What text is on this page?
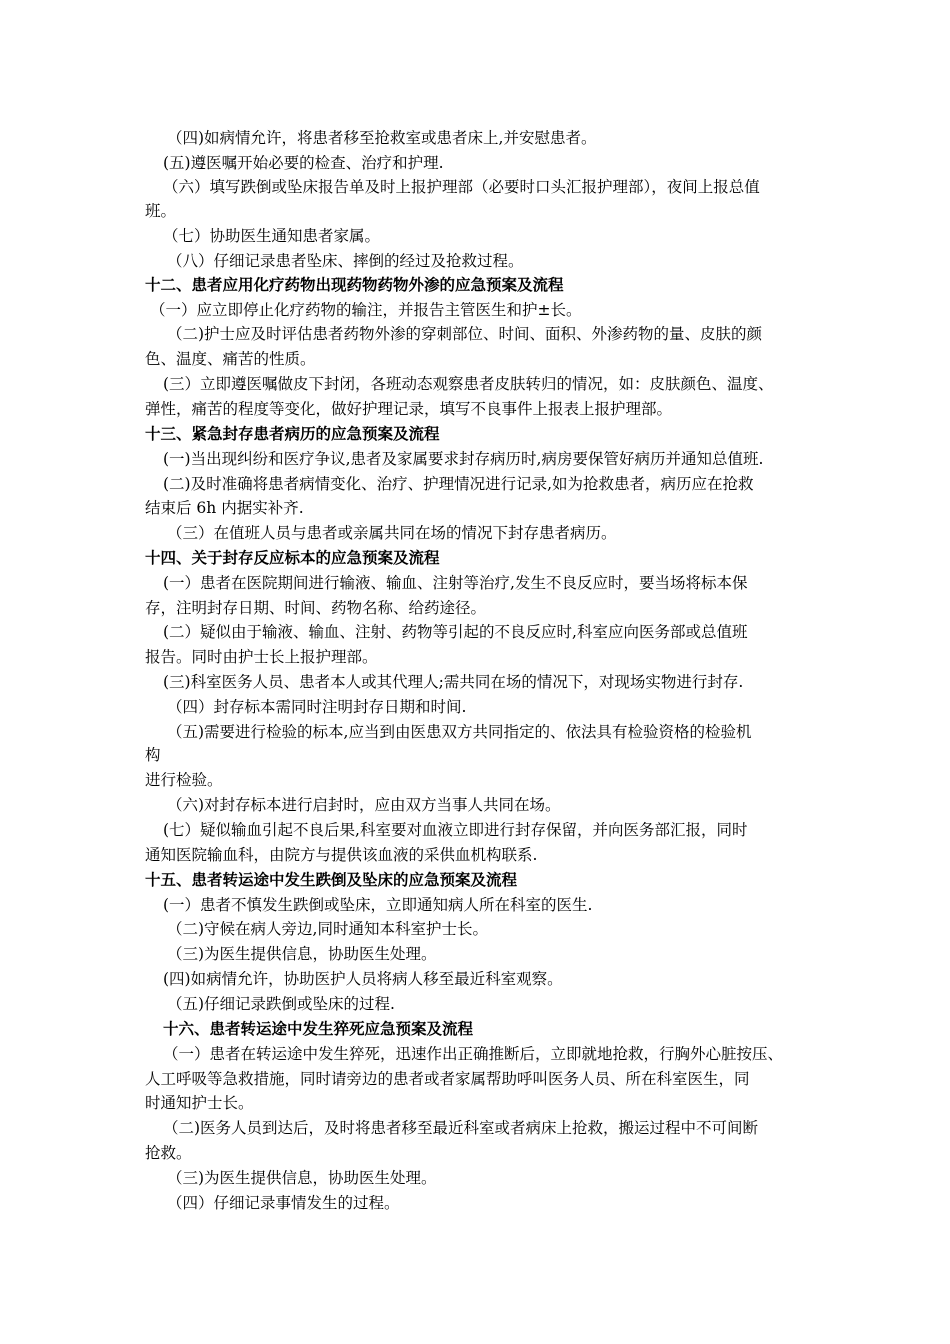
（四)如病情允许，将患者移至抢救室或患者床上,并安慰患者。
(五)遵医嘱开始必要的检查、治疗和护理.
（六）填写跌倒或坠床报告单及时上报护理部（必要时口头汇报护理部），夜间上报总值
班。
（七）协助医生通知患者家属。
（八）仔细记录患者坠床、摔倒的经过及抢救过程。
十二、患者应用化疗药物出现药物药物外渗的应急预案及流程
（一）应立即停止化疗药物的输注，并报告主管医生和护±长。
（二)护士应及时评估患者药物外渗的穿刺部位、时间、面积、外渗药物的量、皮肤的颜
色、温度、痛苦的性质。
(三）立即遵医嘱做皮下封闭，各班动态观察患者皮肤转归的情况，如：皮肤颜色、温度、
弹性，痛苦的程度等变化，做好护理记录，填写不良事件上报表上报护理部。
十三、紧急封存患者病历的应急预案及流程
(一)当出现纠纷和医疗争议,患者及家属要求封存病历时,病房要保管好病历并通知总值班.
(二)及时准确将患者病情变化、治疗、护理情况进行记录,如为抢救患者，病历应在抢救
结束后 6h 内据实补齐.
（三）在值班人员与患者或亲属共同在场的情况下封存患者病历。
十四、关于封存反应标本的应急预案及流程
(一）患者在医院期间进行输液、输血、注射等治疗,发生不良反应时，要当场将标本保
存，注明封存日期、时间、药物名称、给药途径。
(二）疑似由于输液、输血、注射、药物等引起的不良反应时,科室应向医务部或总值班
报告。同时由护士长上报护理部。
(三)科室医务人员、患者本人或其代理人;需共同在场的情况下，对现场实物进行封存.
（四）封存标本需同时注明封存日期和时间.
（五)需要进行检验的标本,应当到由医患双方共同指定的、依法具有检验资格的检验机
构
进行检验。
（六)对封存标本进行启封时，应由双方当事人共同在场。
(七）疑似输血引起不良后果,科室要对血液立即进行封存保留，并向医务部汇报，同时
通知医院输血科，由院方与提供该血液的采供血机构联系.
十五、患者转运途中发生跌倒及坠床的应急预案及流程
(一）患者不慎发生跌倒或坠床，立即通知病人所在科室的医生.
（二)守候在病人旁边,同时通知本科室护士长。
（三)为医生提供信息，协助医生处理。
(四)如病情允许，协助医护人员将病人移至最近科室观察。
（五)仔细记录跌倒或坠床的过程.
十六、患者转运途中发生猝死应急预案及流程
（一）患者在转运途中发生猝死，迅速作出正确推断后，立即就地抢救，行胸外心脏按压、
人工呼吸等急救措施，同时请旁边的患者或者家属帮助呼叫医务人员、所在科室医生，同
时通知护士长。
（二)医务人员到达后，及时将患者移至最近科室或者病床上抢救，搬运过程中不可间断
抢救。
（三)为医生提供信息，协助医生处理。
（四）仔细记录事情发生的过程。
